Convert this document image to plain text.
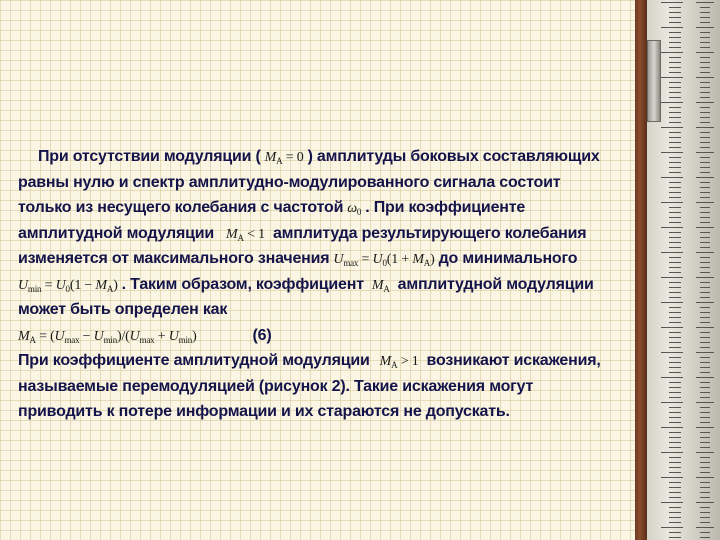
При отсутствии модуляции ( $M_A = 0$ ) амплитуды боковых составляющих
равны нулю и спектр амплитудно-модулированного сигнала состоит
только из несущего колебания с частотой $\omega_0$ . При коэффициенте
амплитудной модуляции $M_A < 1$ амплитуда результирующего колебания
изменяется от максимального значения $U_{max} = U_0(1 + M_A)$ до минимального
$U_{min} = U_0(1 - M_A)$ . Таким образом, коэффициент $M_A$ амплитудной модуляции
может быть определен как
$M_A = (U_{max} - U_{min})/(U_{max} + U_{min})$	(6)
При коэффициенте амплитудной модуляции $M_A > 1$ возникают искажения,
называемые перемодуляцией (рисунок 2). Такие искажения могут
приводить к потере информации и их стараются не допускать.
